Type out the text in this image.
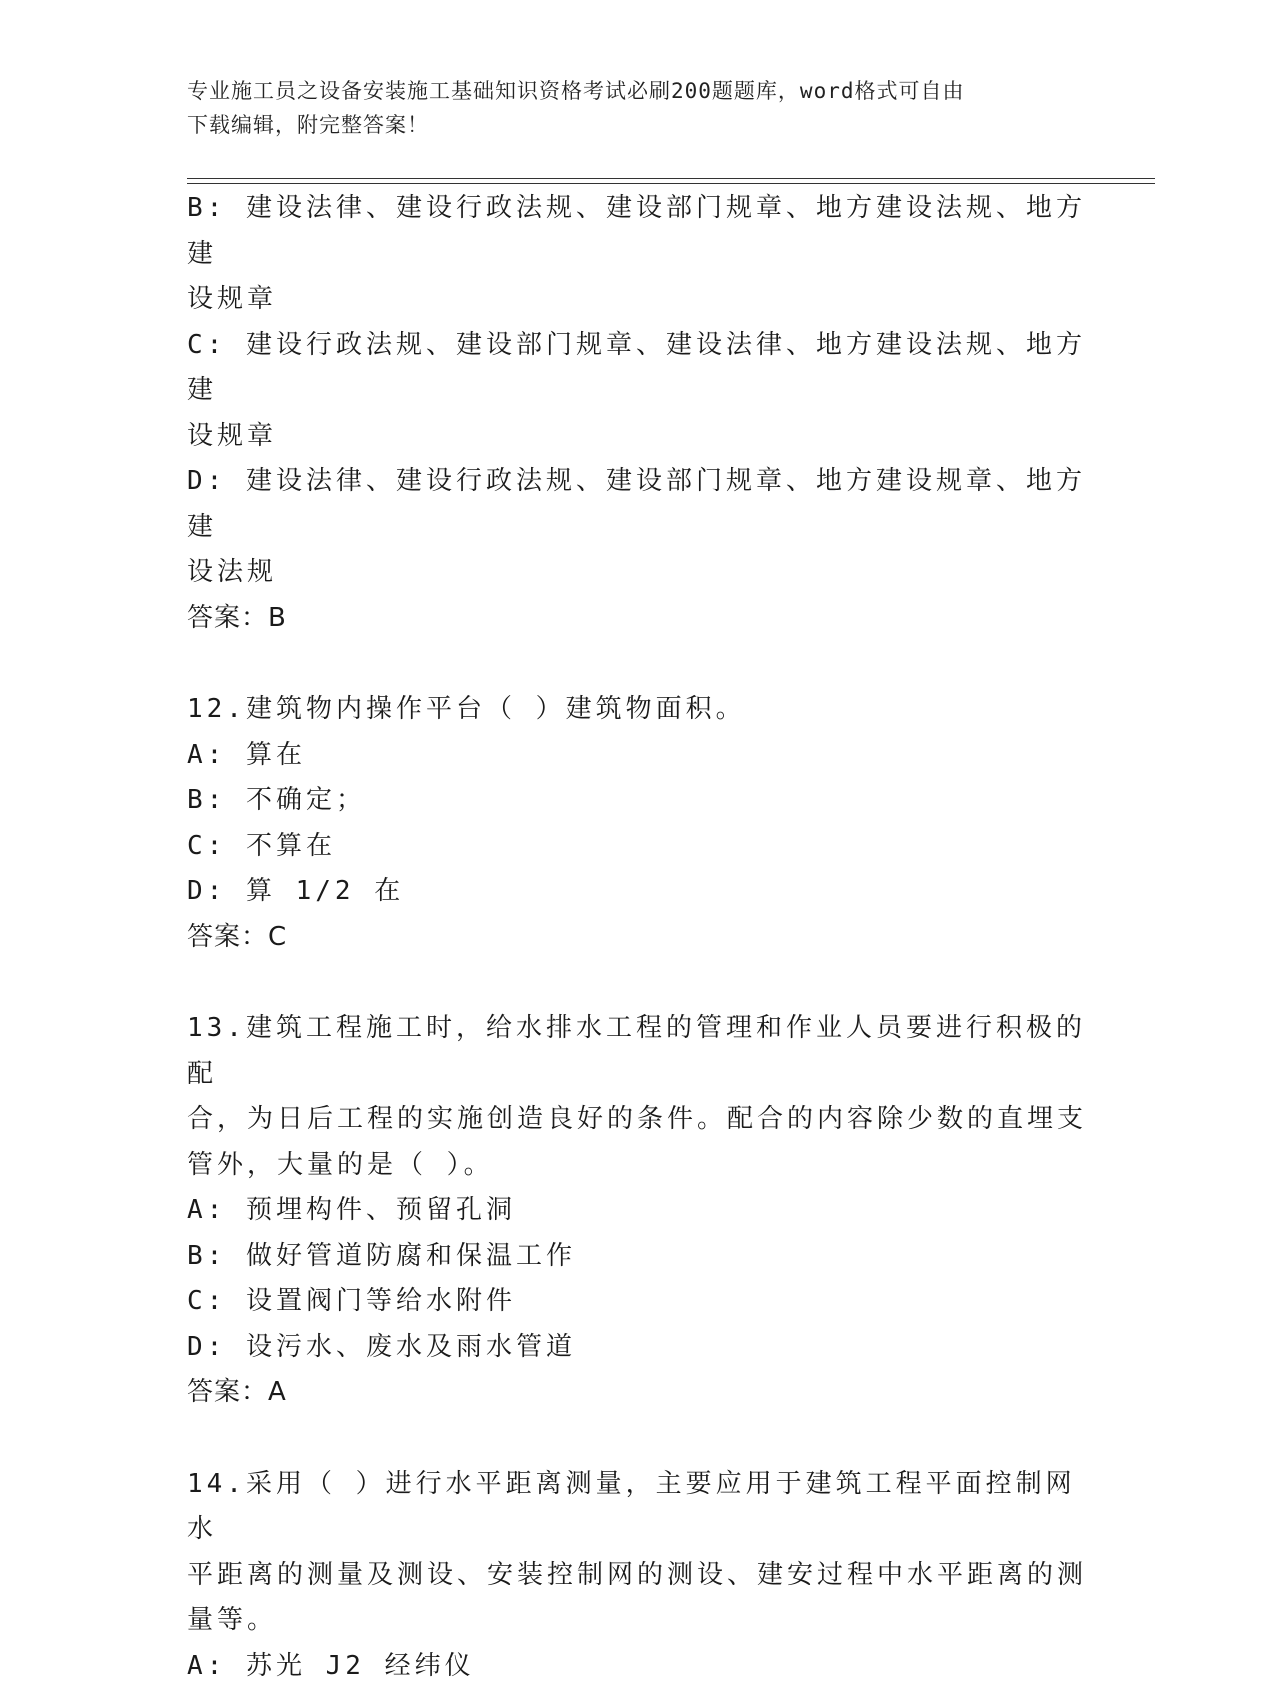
专业施工员之设备安装施工基础知识资格考试必刷200题题库，word格式可自由
下载编辑，附完整答案！
B: 建设法律、建设行政法规、建设部门规章、地方建设法规、地方建
设规章
C: 建设行政法规、建设部门规章、建设法律、地方建设法规、地方建
设规章
D: 建设法律、建设行政法规、建设部门规章、地方建设规章、地方建
设法规
答案：B
12.建筑物内操作平台（ ）建筑物面积。
A: 算在
B: 不确定；
C: 不算在
D: 算 1/2 在
答案：C
13.建筑工程施工时，给水排水工程的管理和作业人员要进行积极的配
合，为日后工程的实施创造良好的条件。配合的内容除少数的直埋支
管外，大量的是（ ）。
A: 预埋构件、预留孔洞
B: 做好管道防腐和保温工作
C: 设置阀门等给水附件
D: 设污水、废水及雨水管道
答案：A
14.采用（ ）进行水平距离测量，主要应用于建筑工程平面控制网水
平距离的测量及测设、安装控制网的测设、建安过程中水平距离的测
量等。
A: 苏光 J2 经纬仪
